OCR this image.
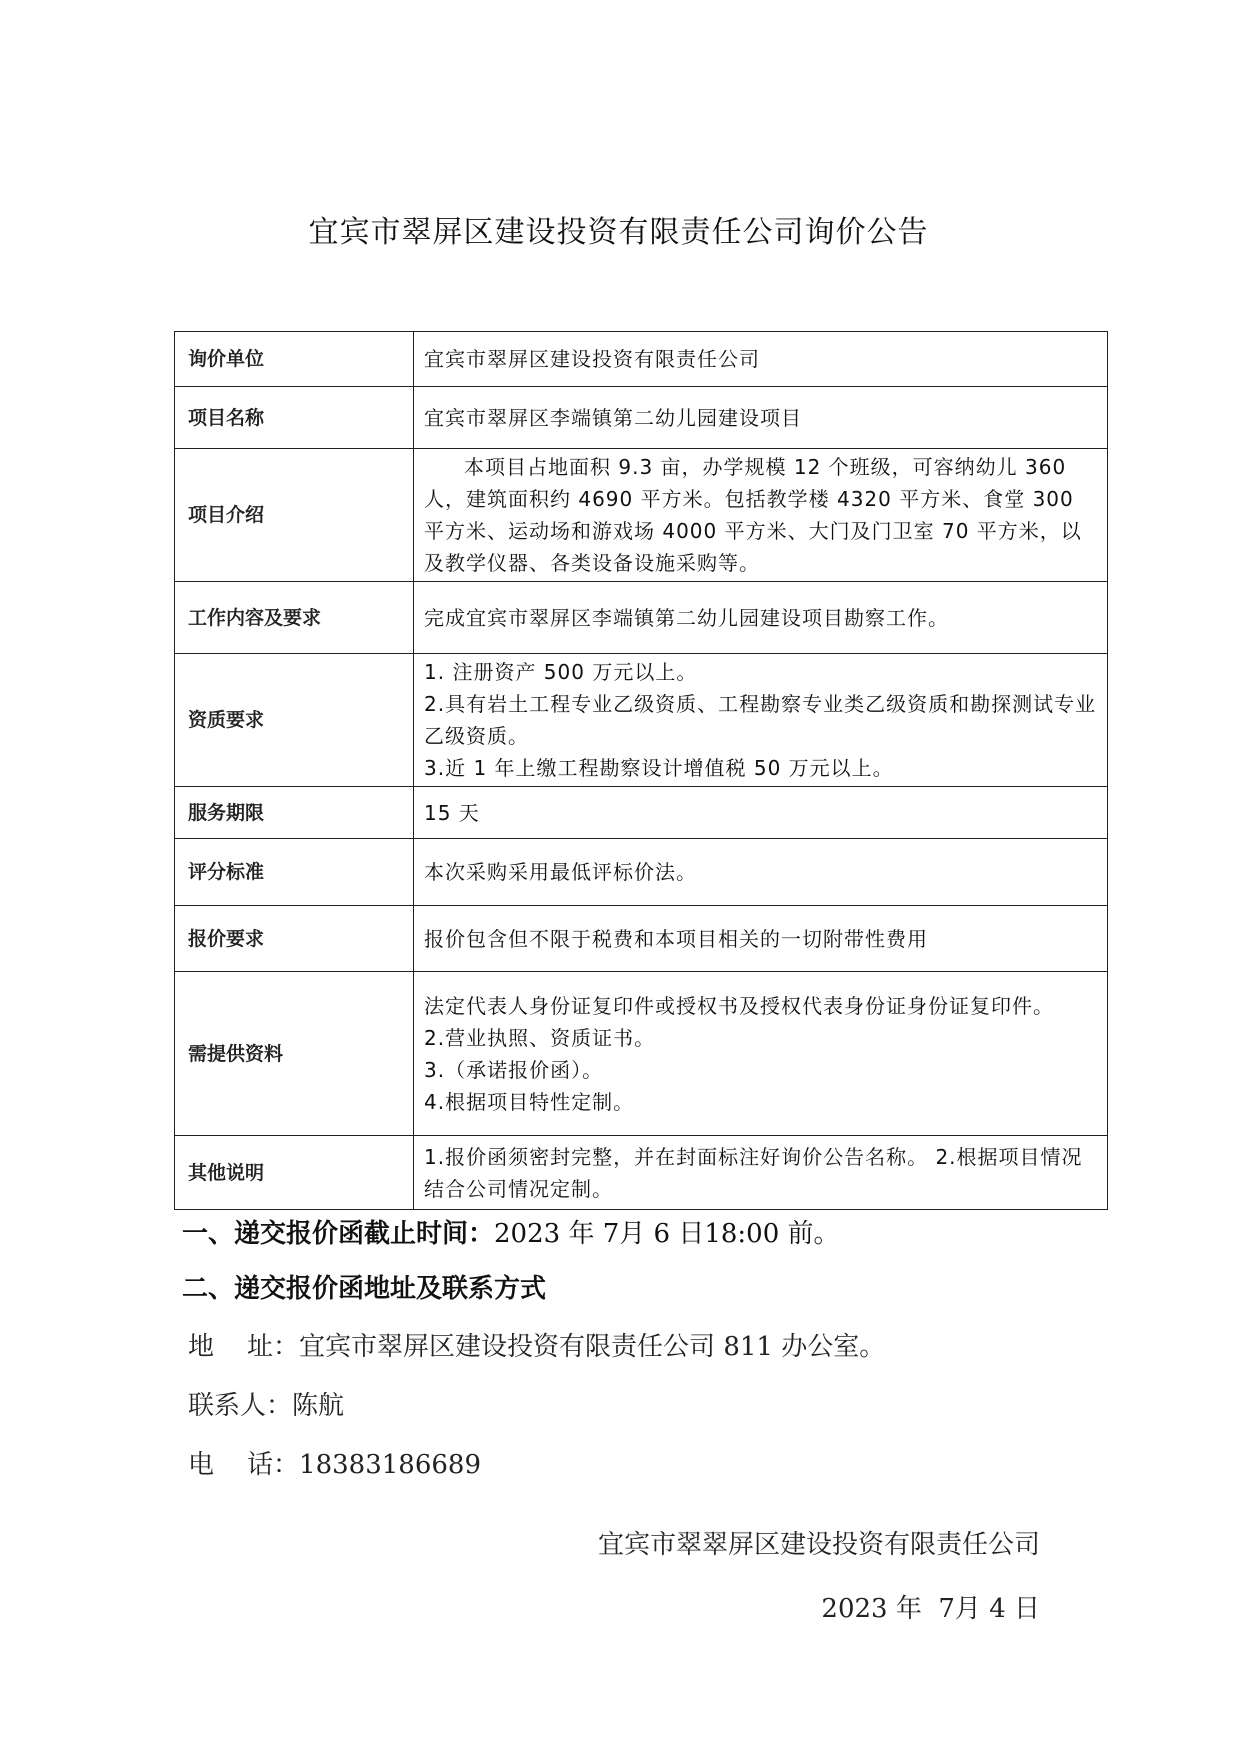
宜宾市翠屏区建设投资有限责任公司询价公告
询价单位	宜宾市翠屏区建设投资有限责任公司

项目名称	宜宾市翠屏区李端镇第二幼儿园建设项目

项目介绍	本项目占地面积 9.3 亩，办学规模 12 个班级，可容纳幼儿 360 人，建筑面积约 4690 平方米。包括教学楼 4320 平方米、食堂 300 平方米、运动场和游戏场 4000 平方米、大门及门卫室 70 平方米，以及教学仪器、各类设备设施采购等。

工作内容及要求	完成宜宾市翠屏区李端镇第二幼儿园建设项目勘察工作。

资质要求	1. 注册资产 500 万元以上。
2.具有岩土工程专业乙级资质、工程勘察专业类乙级资质和勘探测试专业乙级资质。
3.近 1 年上缴工程勘察设计增值税 50 万元以上。

服务期限	15 天

评分标准	本次采购采用最低评标价法。

报价要求	报价包含但不限于税费和本项目相关的一切附带性费用

需提供资料	法定代表人身份证复印件或授权书及授权代表身份证身份证复印件。
2.营业执照、资质证书。
3.（承诺报价函）。
4.根据项目特性定制。

其他说明	1.报价函须密封完整，并在封面标注好询价公告名称。 2.根据项目情况结合公司情况定制。
一、递交报价函截止时间：2023 年 7月 6 日18:00 前。
二、递交报价函地址及联系方式
地    址：宜宾市翠屏区建设投资有限责任公司 811 办公室。
联系人：陈航
电    话：18383186689
宜宾市翠翠屏区建设投资有限责任公司
2023 年  7月 4 日
